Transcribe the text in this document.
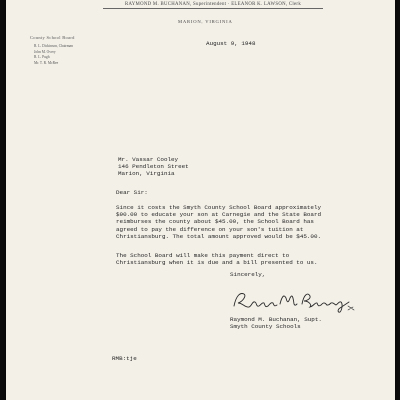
RAYMOND M. BUCHANAN, Superintendent · ELEANOR K. LAWSON, Clerk
MARION, VIRGINIA
County School Board
R. L. Dickinson, Chairman
John M. Overy
R. L. Pugh
Mr. T. R. McRee
August 9, 1948
Mr. Vassar Cooley
146 Pendleton Street
Marion, Virginia
Dear Sir:
Since it costs the Smyth County School Board approximately
$90.00 to educate your son at Carnegie and the State Board
reimburses the county about $45.00, the School Board has
agreed to pay the difference on your son's tuition at
Christiansburg. The total amount approved would be $45.00.
The School Board will make this payment direct to
Christiansburg when it is due and a bill presented to us.
Sincerely,
Raymond M. Buchanan, Supt.
Smyth County Schools
RMB:tje
